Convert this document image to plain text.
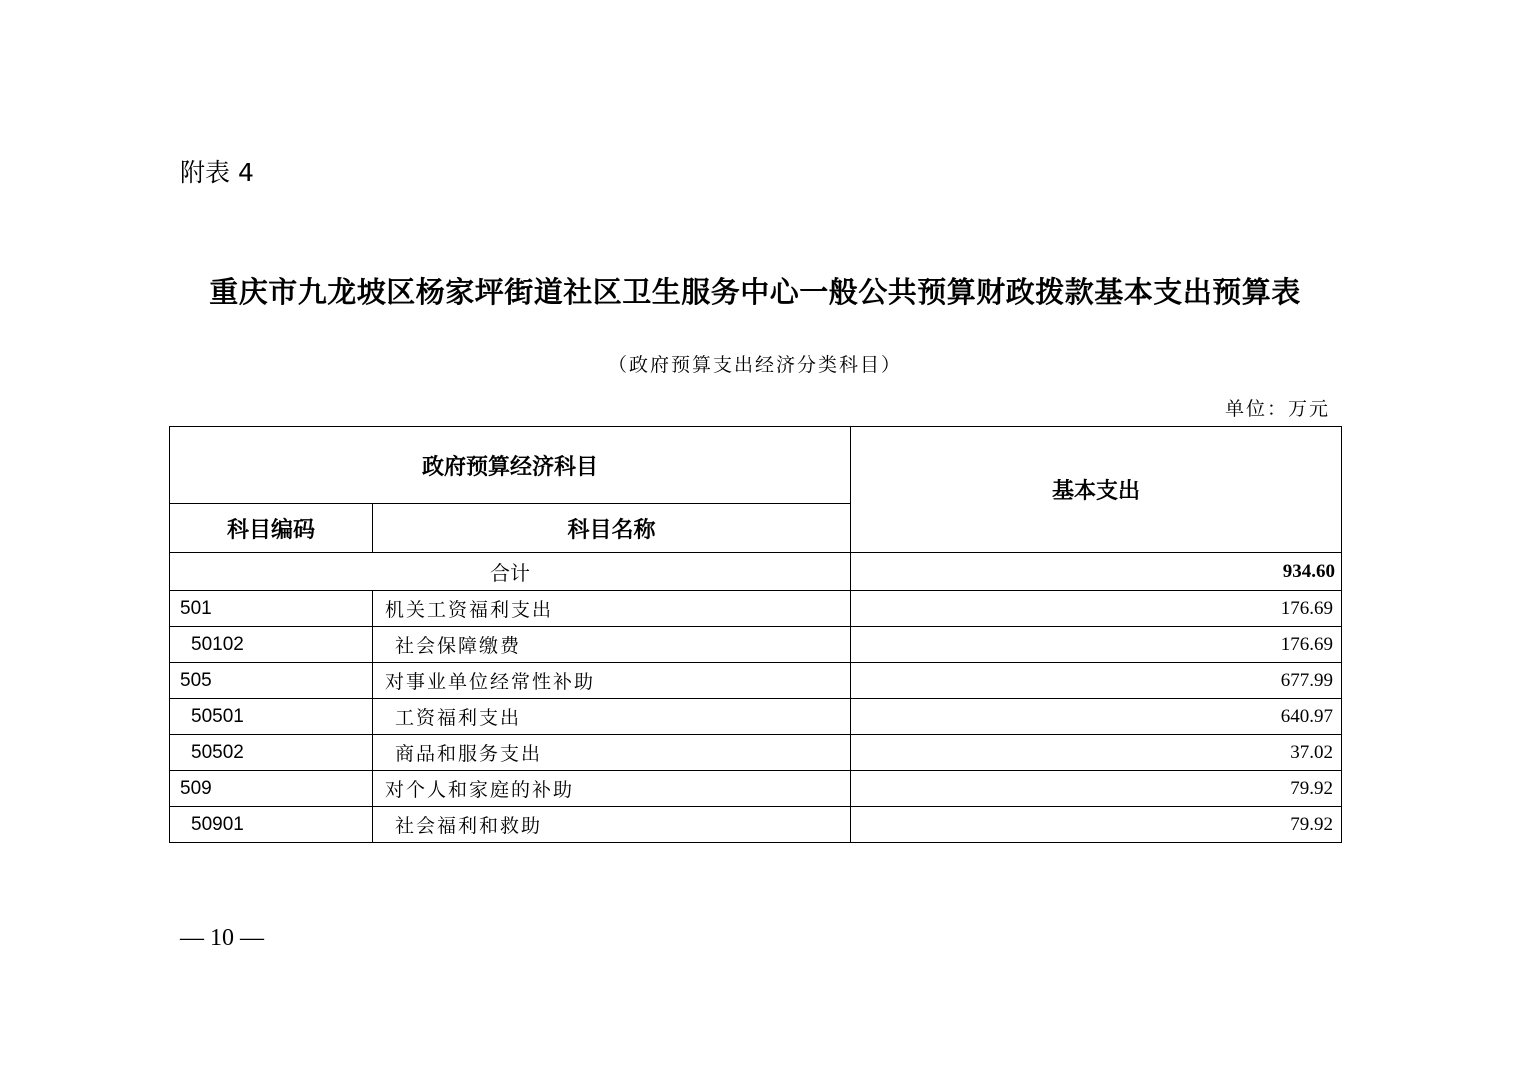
附表 4
重庆市九龙坡区杨家坪街道社区卫生服务中心一般公共预算财政拨款基本支出预算表
（政府预算支出经济分类科目）
单位：万元
政府预算经济科目		基本支出
科目编码	科目名称	
合计		934.60
501	机关工资福利支出	176.69
50102	社会保障缴费	176.69
505	对事业单位经常性补助	677.99
50501	工资福利支出	640.97
50502	商品和服务支出	37.02
509	对个人和家庭的补助	79.92
50901	社会福利和救助	79.92
— 10 —
